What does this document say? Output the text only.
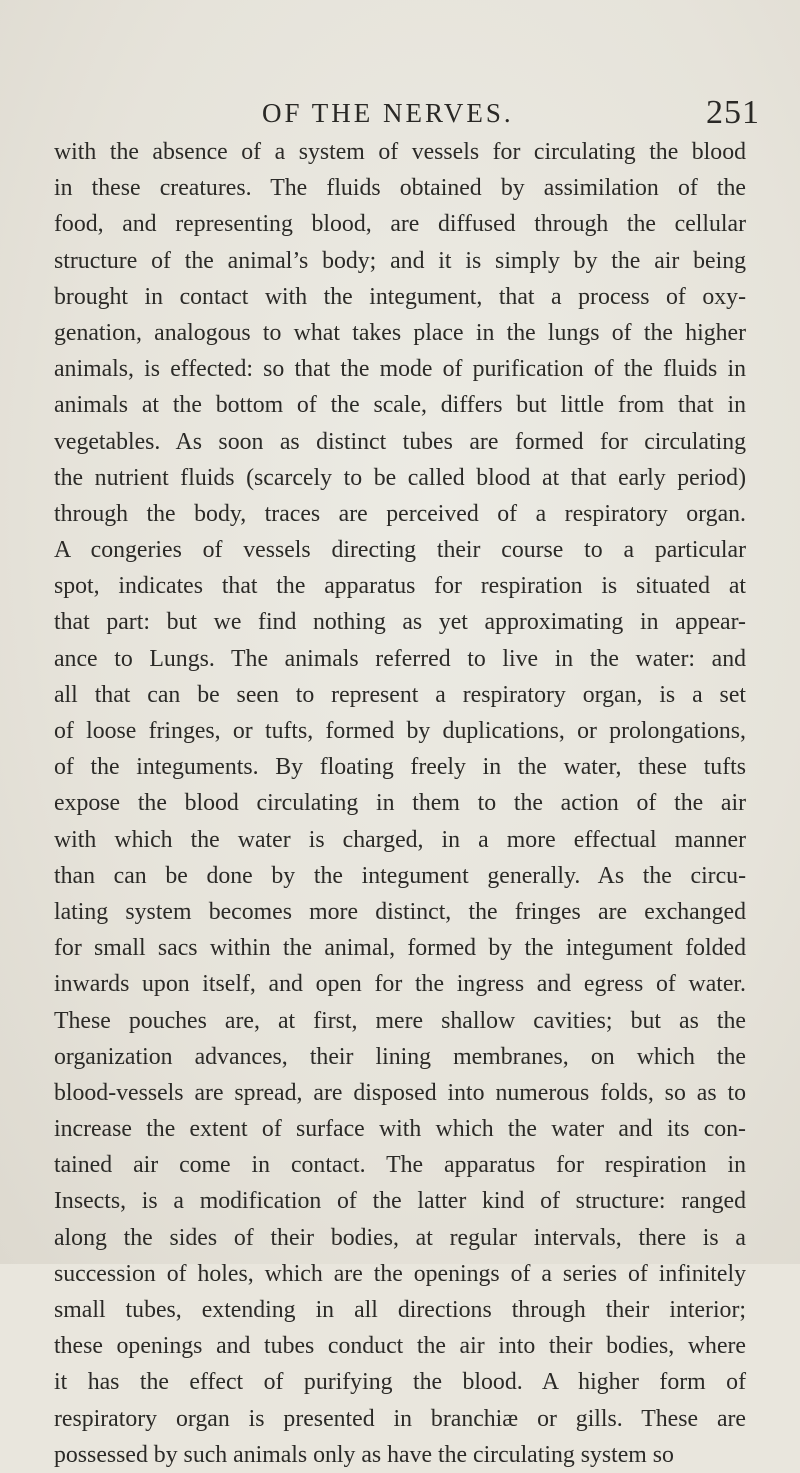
OF THE NERVES.	251
with the absence of a system of vessels for circulating the blood
in these creatures. The fluids obtained by assimilation of the
food, and representing blood, are diffused through the cellular
structure of the animal’s body; and it is simply by the air being
brought in contact with the integument, that a process of oxy-
genation, analogous to what takes place in the lungs of the higher
animals, is effected: so that the mode of purification of the fluids in
animals at the bottom of the scale, differs but little from that in
vegetables. As soon as distinct tubes are formed for circulating
the nutrient fluids (scarcely to be called blood at that early period)
through the body, traces are perceived of a respiratory organ.
A congeries of vessels directing their course to a particular
spot, indicates that the apparatus for respiration is situated at
that part: but we find nothing as yet approximating in appear-
ance to Lungs. The animals referred to live in the water: and
all that can be seen to represent a respiratory organ, is a set
of loose fringes, or tufts, formed by duplications, or prolongations,
of the integuments. By floating freely in the water, these tufts
expose the blood circulating in them to the action of the air
with which the water is charged, in a more effectual manner
than can be done by the integument generally. As the circu-
lating system becomes more distinct, the fringes are exchanged
for small sacs within the animal, formed by the integument folded
inwards upon itself, and open for the ingress and egress of water.
These pouches are, at first, mere shallow cavities; but as the
organization advances, their lining membranes, on which the
blood-vessels are spread, are disposed into numerous folds, so as to
increase the extent of surface with which the water and its con-
tained air come in contact. The apparatus for respiration in
Insects, is a modification of the latter kind of structure: ranged
along the sides of their bodies, at regular intervals, there is a
succession of holes, which are the openings of a series of infinitely
small tubes, extending in all directions through their interior;
these openings and tubes conduct the air into their bodies, where
it has the effect of purifying the blood. A higher form of
respiratory organ is presented in branchiæ or gills. These are
possessed by such animals only as have the circulating system so
